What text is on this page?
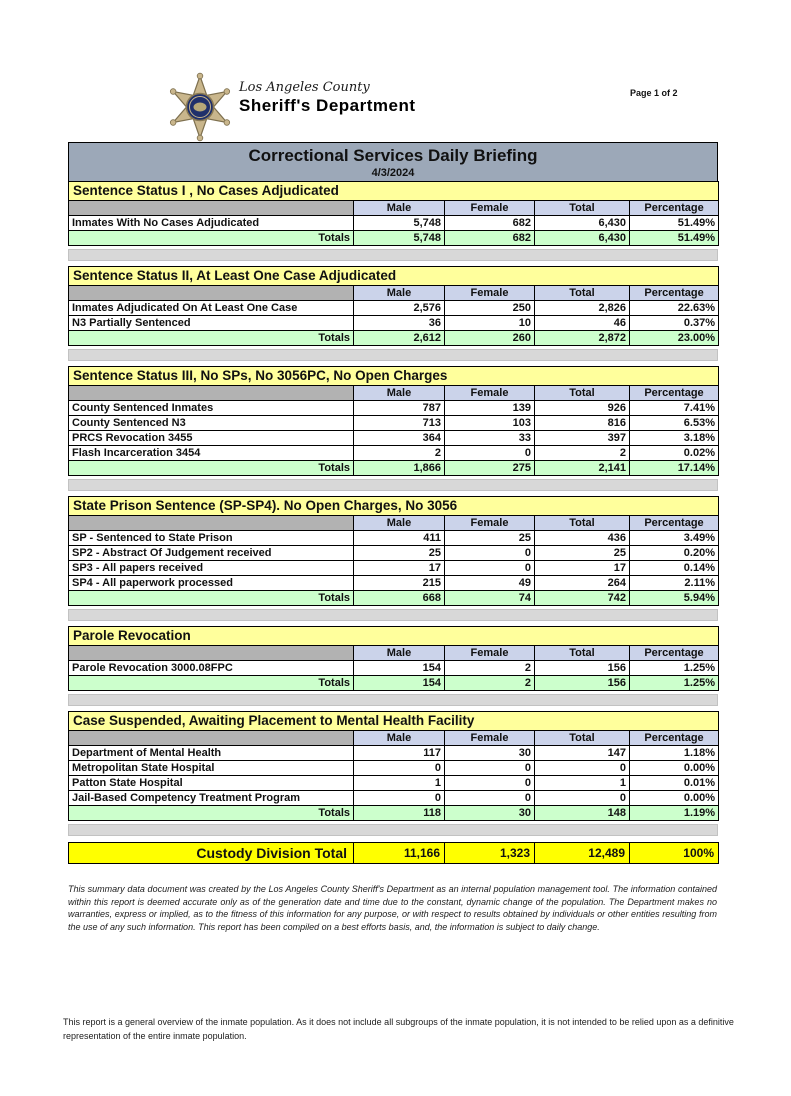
Los Angeles County
Sheriff's Department
Page 1 of 2
Correctional Services Daily Briefing
4/3/2024
Sentence Status I , No Cases Adjudicated				
	Male	Female	Total	Percentage
Inmates With No Cases Adjudicated	5,748	682	6,430	51.49%
Totals	5,748	682	6,430	51.49%
Sentence Status II, At Least One Case Adjudicated				
	Male	Female	Total	Percentage
Inmates Adjudicated On At Least One Case	2,576	250	2,826	22.63%
N3 Partially Sentenced	36	10	46	0.37%
Totals	2,612	260	2,872	23.00%
Sentence Status III, No SPs, No 3056PC, No Open Charges				
	Male	Female	Total	Percentage
County Sentenced Inmates	787	139	926	7.41%
County Sentenced N3	713	103	816	6.53%
PRCS Revocation 3455	364	33	397	3.18%
Flash Incarceration 3454	2	0	2	0.02%
Totals	1,866	275	2,141	17.14%
State Prison Sentence (SP-SP4). No Open Charges, No 3056				
	Male	Female	Total	Percentage
SP - Sentenced to State Prison	411	25	436	3.49%
SP2 - Abstract Of Judgement received	25	0	25	0.20%
SP3 - All papers received	17	0	17	0.14%
SP4 - All paperwork processed	215	49	264	2.11%
Totals	668	74	742	5.94%
Parole Revocation				
	Male	Female	Total	Percentage
Parole Revocation 3000.08FPC	154	2	156	1.25%
Totals	154	2	156	1.25%
Case Suspended, Awaiting Placement to Mental Health Facility				
	Male	Female	Total	Percentage
Department of Mental Health	117	30	147	1.18%
Metropolitan State Hospital	0	0	0	0.00%
Patton State Hospital	1	0	1	0.01%
Jail-Based Competency Treatment Program	0	0	0	0.00%
Totals	118	30	148	1.19%
Custody Division Total	11,166	1,323	12,489	100%

This summary data document was created by the Los Angeles County Sheriff's Department as an internal population management tool. The information contained within this report is deemed accurate only as of the generation date and time due to the constant, dynamic change of the population. The Department makes no warranties, express or implied, as to the fitness of this information for any purpose, or with respect to results obtained by individuals or other entities resulting from the use of any such information. This report has been compiled on a best efforts basis, and, the information is subject to daily change.

This report is a general overview of the inmate population. As it does not include all subgroups of the inmate population, it is not intended to be relied upon as a definitive representation of the entire inmate population.
